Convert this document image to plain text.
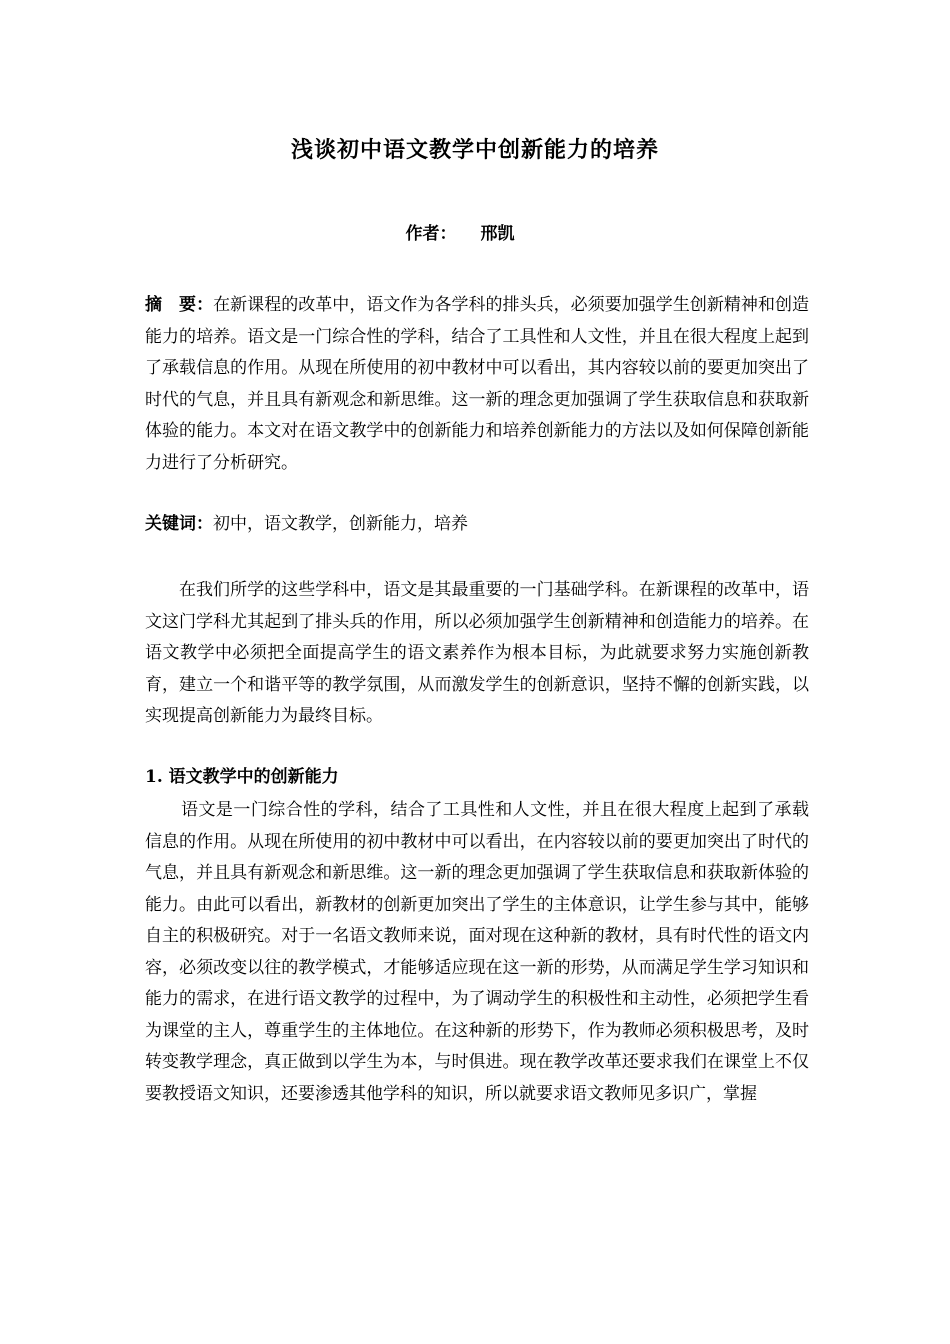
浅谈初中语文教学中创新能力的培养
作者： 邢凯
摘　要：在新课程的改革中，语文作为各学科的排头兵，必须要加强学生创新精神和创造能力的培养。语文是一门综合性的学科，结合了工具性和人文性，并且在很大程度上起到了承载信息的作用。从现在所使用的初中教材中可以看出，其内容较以前的要更加突出了时代的气息，并且具有新观念和新思维。这一新的理念更加强调了学生获取信息和获取新体验的能力。本文对在语文教学中的创新能力和培养创新能力的方法以及如何保障创新能力进行了分析研究。
关键词：初中，语文教学，创新能力，培养
在我们所学的这些学科中，语文是其最重要的一门基础学科。在新课程的改革中，语文这门学科尤其起到了排头兵的作用，所以必须加强学生创新精神和创造能力的培养。在语文教学中必须把全面提高学生的语文素养作为根本目标，为此就要求努力实施创新教育，建立一个和谐平等的教学氛围，从而激发学生的创新意识，坚持不懈的创新实践，以实现提高创新能力为最终目标。
1. 语文教学中的创新能力
语文是一门综合性的学科，结合了工具性和人文性，并且在很大程度上起到了承载信息的作用。从现在所使用的初中教材中可以看出，在内容较以前的要更加突出了时代的气息，并且具有新观念和新思维。这一新的理念更加强调了学生获取信息和获取新体验的能力。由此可以看出，新教材的创新更加突出了学生的主体意识，让学生参与其中，能够自主的积极研究。对于一名语文教师来说，面对现在这种新的教材，具有时代性的语文内容，必须改变以往的教学模式，才能够适应现在这一新的形势，从而满足学生学习知识和能力的需求，在进行语文教学的过程中，为了调动学生的积极性和主动性，必须把学生看为课堂的主人，尊重学生的主体地位。在这种新的形势下，作为教师必须积极思考，及时转变教学理念，真正做到以学生为本，与时俱进。现在教学改革还要求我们在课堂上不仅要教授语文知识，还要渗透其他学科的知识，所以就要求语文教师见多识广，掌握
